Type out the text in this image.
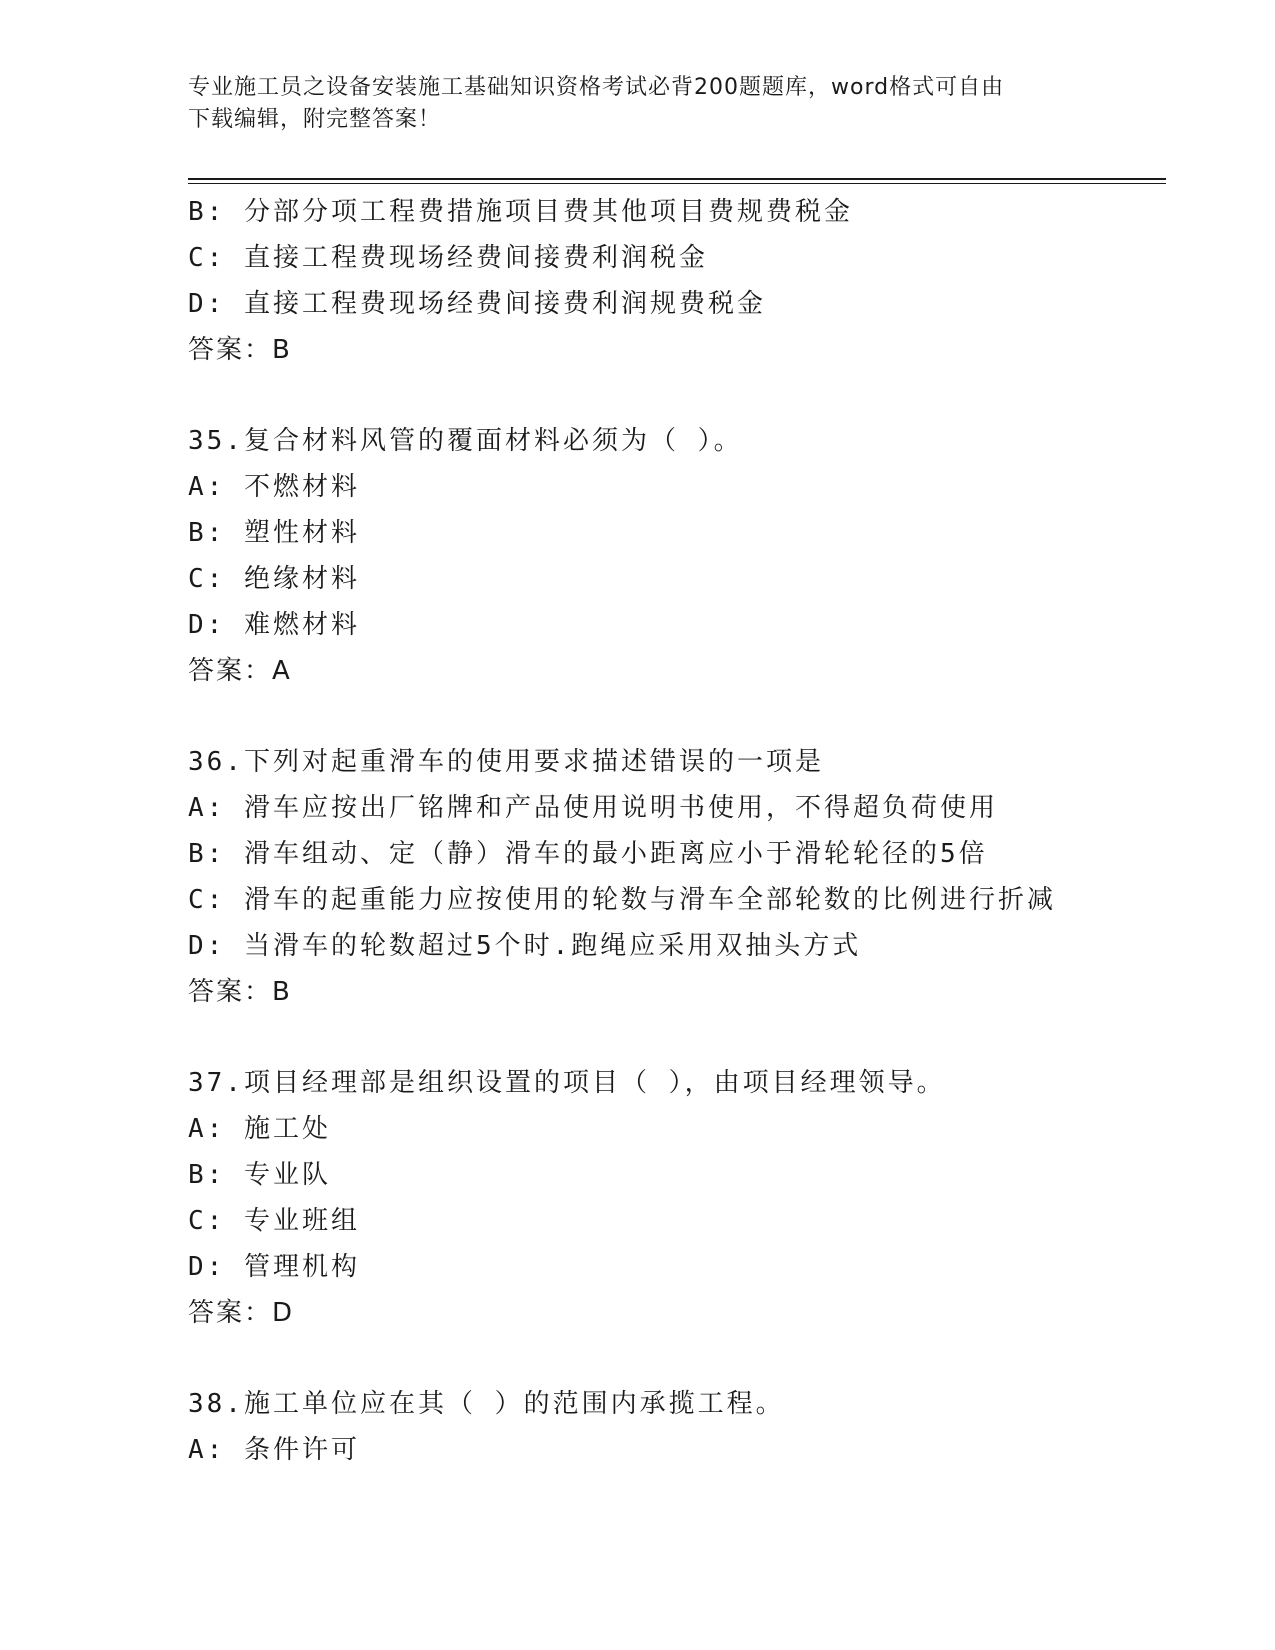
专业施工员之设备安装施工基础知识资格考试必背200题题库，word格式可自由
下载编辑，附完整答案！
B: 分部分项工程费措施项目费其他项目费规费税金
C: 直接工程费现场经费间接费利润税金
D: 直接工程费现场经费间接费利润规费税金
答案：B
35.复合材料风管的覆面材料必须为（ ）。
A: 不燃材料
B: 塑性材料
C: 绝缘材料
D: 难燃材料
答案：A
36.下列对起重滑车的使用要求描述错误的一项是
A: 滑车应按出厂铭牌和产品使用说明书使用，不得超负荷使用
B: 滑车组动、定（静）滑车的最小距离应小于滑轮轮径的5倍
C: 滑车的起重能力应按使用的轮数与滑车全部轮数的比例进行折减
D: 当滑车的轮数超过5个时.跑绳应采用双抽头方式
答案：B
37.项目经理部是组织设置的项目（ ），由项目经理领导。
A: 施工处
B: 专业队
C: 专业班组
D: 管理机构
答案：D
38.施工单位应在其（ ）的范围内承揽工程。
A: 条件许可
